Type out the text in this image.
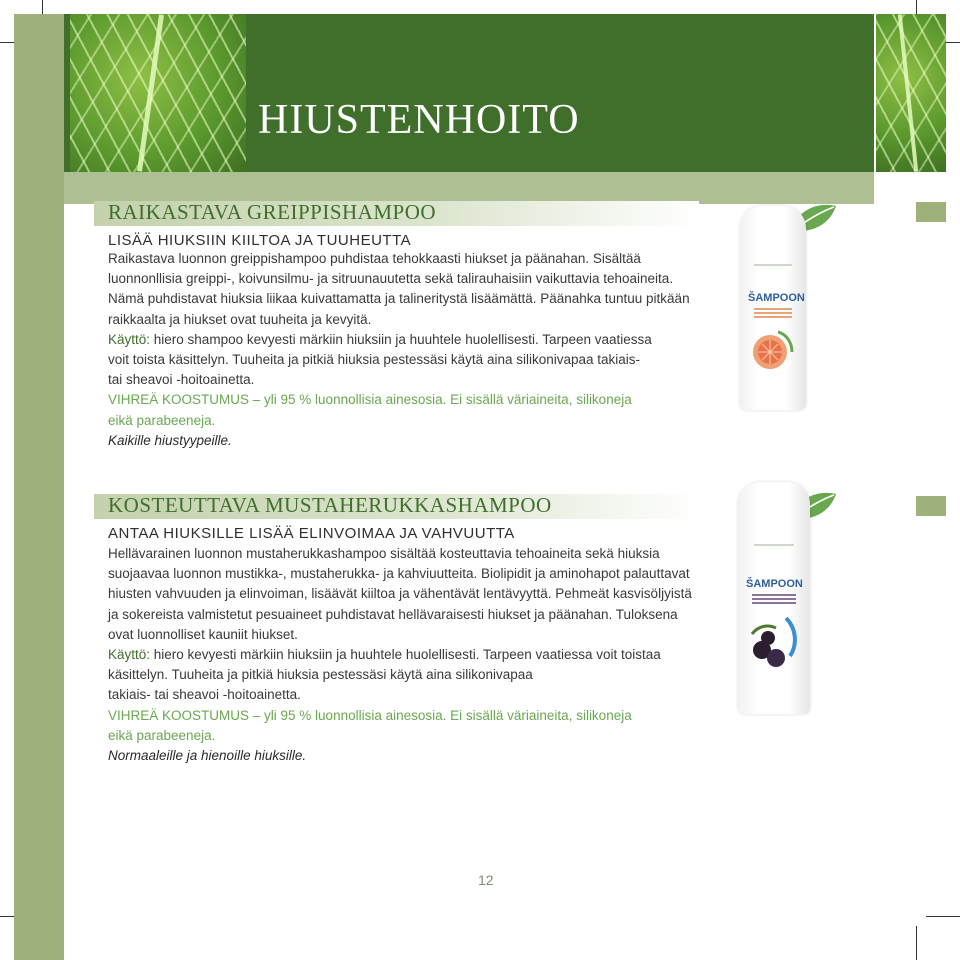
HIUSTENHOITO
RAIKASTAVA GREIPPISHAMPOO
LISÄÄ HIUKSIIN KIILTOA JA TUUHEUTTA

Raikastava luonnon greippishampoo puhdistaa tehokkaasti hiukset ja päänahan. Sisältää

luonnonllisia greippi-, koivunsilmu- ja sitruunauutetta sekä talirauhaisiin vaikuttavia tehoaineita.

Nämä puhdistavat hiuksia liikaa kuivattamatta ja talinerityst​ä lisäämättä. Päänahka tuntuu pitkään

raikkaalta ja hiukset ovat tuuheita ja kevyitä.

Käyttö: hiero shampoo kevyesti märkiin hiuksiin ja huuhtele huolellisesti. Tarpeen vaatiessa

voit toista käsittelyn. Tuuheita ja pitkiä hiuksia pestessäsi käytä aina silikonivapaa takiais-

tai sheavoi -hoitoainetta.

VIHREÄ KOOSTUMUS – yli 95 % luonnollisia ainesosia. Ei sisällä väriaineita, silikoneja

eikä parabeeneja.

Kaikille hiustyypeille.

KOSTEUTTAVA MUSTAHERUKKASHAMPOO
ANTAA HIUKSILLE LISÄÄ ELINVOIMAA JA VAHVUUTTA

Hellävarainen luonnon mustaherukkashampoo sisältää kosteuttavia tehoaineita sekä hiuksia

suojaavaa luonnon mustikka-, mustaherukka- ja kahviuutteita. Biolipidit ja aminohapot palauttavat

hiusten vahvuuden ja elinvoiman, lisäävät kiiltoa ja vähentävät lentävyyttä. Pehmeät kasvisöljyistä

ja sokereista valmistetut pesuaineet puhdistavat hellävaraisesti hiukset ja päänahan. Tuloksena

ovat luonnolliset kauniit hiukset.

Käyttö: hiero kevyesti märkiin hiuksiin ja huuhtele huolellisesti. Tarpeen vaatiessa voit toistaa

käsittelyn. Tuuheita ja pitkiä hiuksia pestessäsi käytä aina silikonivapaa

takiais- tai sheavoi -hoitoainetta.

VIHREÄ KOOSTUMUS – yli 95 % luonnollisia ainesosia. Ei sisällä väriaineita, silikoneja

eikä parabeeneja.

Normaaleille ja hienoille hiuksille.

ŠAMPOON
ŠAMPOON
12
